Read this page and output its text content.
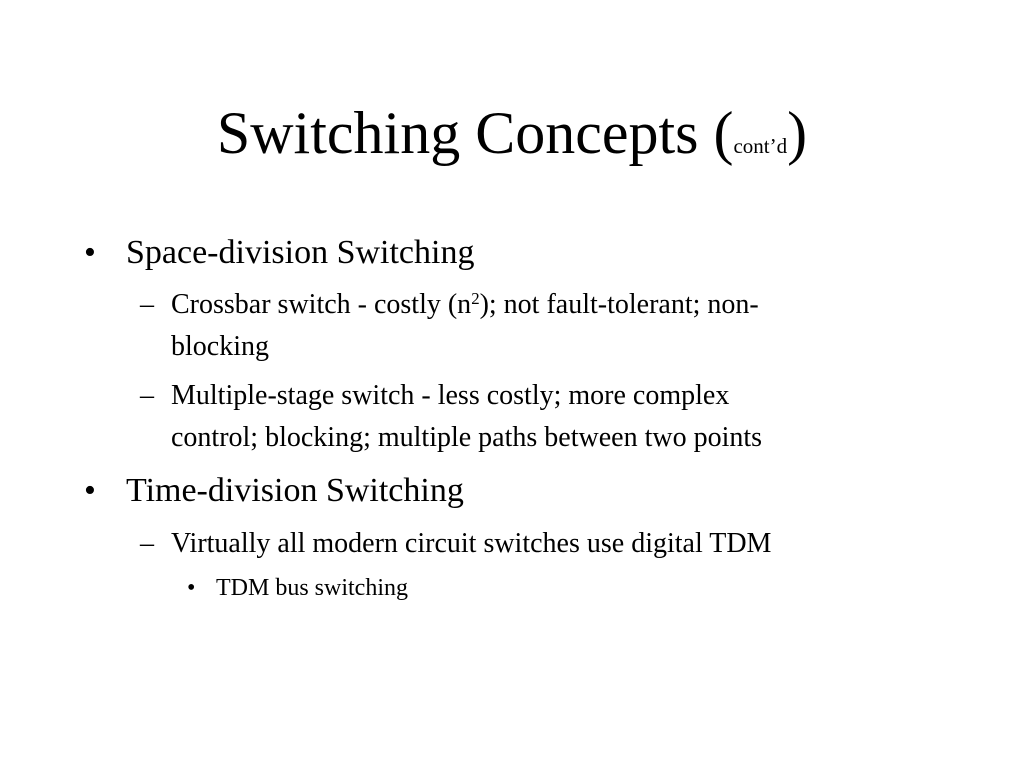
Switching Concepts (cont’d)
• Space-division Switching
– Crossbar switch - costly $(n^2)$; not fault-tolerant; non-
blocking
– Multiple-stage switch - less costly; more complex
control; blocking; multiple paths between two points
• Time-division Switching
– Virtually all modern circuit switches use digital TDM
• TDM bus switching
